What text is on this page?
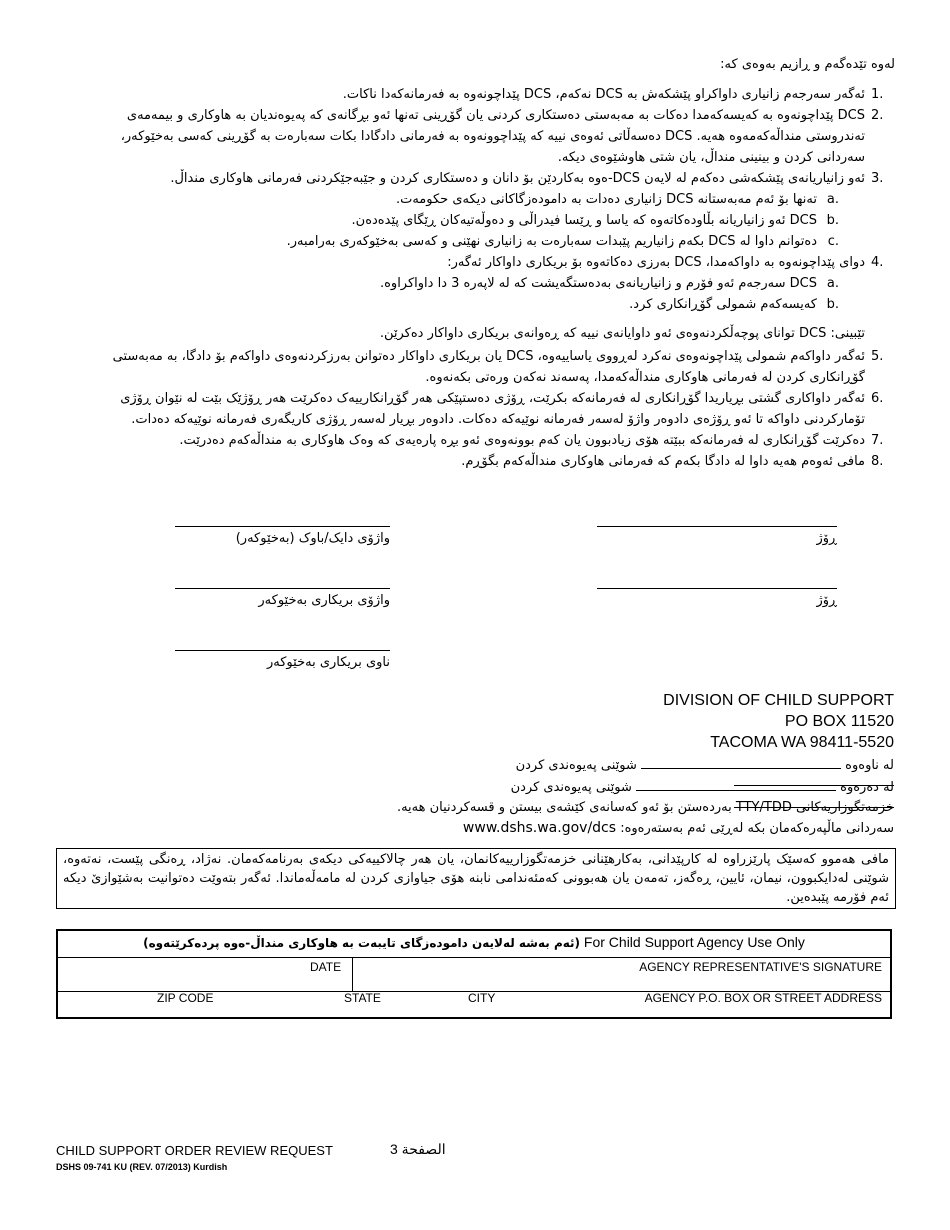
لەوە تێدەگەم و ڕازیم بەوەی کە:
1.
ئەگەر سەرجەم زانیاری داواکراو پێشکەش بە DCS نەکەم، DCS پێداچونەوە بە فەرمانەکەدا ناکات.
2.
DCS پێداچونەوە بە کەیسەکەمدا دەکات بە مەبەستی دەستکاری کردنی یان گۆڕینی تەنها ئەو بڕگانەی کە پەیوەندیان بە هاوکاری و بیمەمەی تەندروستی منداڵەکەمەوە هەیە. DCS دەسەڵاتی ئەوەی نییە کە پێداچوونەوە بە فەرمانی دادگادا بکات سەبارەت بە گۆڕینی کەسی بەخێوکەر، سەردانی کردن و بینینی منداڵ، یان شتی هاوشێوەی دیکە.
3.
ئەو زانیاریانەی پێشکەشی دەکەم لە لایەن DCS-ەوە بەکاردێن بۆ دانان و دەستکاری کردن و جێبەجێکردنی فەرمانی هاوکاری منداڵ.
a.
تەنها بۆ ئەم مەبەستانە DCS زانیاری دەدات بە دامودەزگاکانی دیکەی حکومەت.
b.
DCS ئەو زانیاریانە بڵاودەکاتەوە کە یاسا و ڕێسا فیدراڵی و دەوڵەتیەکان ڕێگای پێدەدەن.
c.
دەتوانم داوا لە DCS بکەم زانیاریم پێبدات سەبارەت بە زانیاری نهێنی و کەسی بەخێوکەری بەرامبەر.
4.
دوای پێداچونەوە بە داواکەمدا، DCS بەرزی دەکاتەوە بۆ بریکاری داواکار ئەگەر:
a.
DCS سەرجەم ئەو فۆرم و زانیاریانەی بەدەستگەیشت کە لە لاپەرە 3 دا داواکراوە.
b.
کەیسەکەم شمولی گۆڕانکاری کرد.
تێبینی: DCS توانای پوچەڵکردنەوەی ئەو داوایانەی نییە کە ڕەوانەی بریکاری داواکار دەکرێن.
5.
ئەگەر داواکەم شمولی پێداچونەوەی نەکرد لەڕووی یاساییەوە، DCS یان بریکاری داواکار دەتوانن بەرزکردنەوەی داواکەم بۆ دادگا، بە مەبەستی گۆڕانکاری کردن لە فەرمانی هاوکاری منداڵەکەمدا، پەسەند نەکەن ورەتی بکەنەوە.
6.
ئەگەر داواکاری گشتی بڕیاریدا گۆڕانکاری لە فەرمانەکە بکرێت، ڕۆژی دەستپێکی هەر گۆڕانکارییەک دەکرێت هەر ڕۆژێک بێت لە نێوان ڕۆژی تۆمارکردنی داواکە تا ئەو ڕۆژەی دادوەر واژۆ لەسەر فەرمانە نوێیەکە دەکات. دادوەر بڕیار لەسەر ڕۆژی کاریگەری فەرمانە نوێیەکە دەدات.
7.
دەکرێت گۆڕانکاری لە فەرمانەکە ببێتە هۆی زیادبوون یان کەم بوونەوەی ئەو بڕە پارەیەی کە وەک هاوکاری بە منداڵەکەم دەدرێت.
8.
مافی ئەوەم هەیە داوا لە دادگا بکەم کە فەرمانی هاوکاری منداڵەکەم بگۆڕم.
واژۆی دایک/باوک (بەخێوکەر)	ڕۆژ
واژۆی بریکاری بەخێوکەر	ڕۆژ
ناوی بریکاری بەخێوکەر
DIVISION OF CHILD SUPPORT
PO BOX 11520
TACOMA WA 98411-5520
لە ناوەوە  شوێنی پەیوەندی کردن
لە دەرەوە  شوێنی پەیوەندی کردن
خزمەتگوزاریەکانی TTY/TDD بەردەستن بۆ ئەو کەسانەی کێشەی بیستن و قسەکردنیان هەیە.
سەردانی ماڵپەرەکەمان بکە لەڕێی ئەم بەستەرەوە: www.dshs.wa.gov/dcs
مافی هەموو کەسێک پارێزراوە لە کارپێدانی، بەکارهێنانی خزمەتگوزارییەکانمان، یان هەر چالاکییەکی دیکەی بەرنامەکەمان. نەژاد، ڕەنگی پێست، نەتەوە، شوێنی لەدایکبوون، نیمان، ئایین، ڕەگەز، تەمەن یان هەبوونی کەمئەندامی نابنە هۆی جیاوازی کردن لە مامەڵەماندا. ئەگەر بتەوێت دەتوانیت بەشێوازێ دیکە ئەم فۆرمە پێبدەین.
(ئەم بەشە لەلایەن دامودەزگای تایبەت بە هاوکاری منداڵ-ەوە پردەکرێتەوە) For Child Support Agency Use Only
DATE	AGENCY REPRESENTATIVE'S SIGNATURE
ZIP CODE	STATE	CITY	AGENCY P.O. BOX OR STREET ADDRESS
CHILD SUPPORT ORDER REVIEW REQUEST	الصفحة 3
DSHS 09-741 KU (REV. 07/2013) Kurdish
